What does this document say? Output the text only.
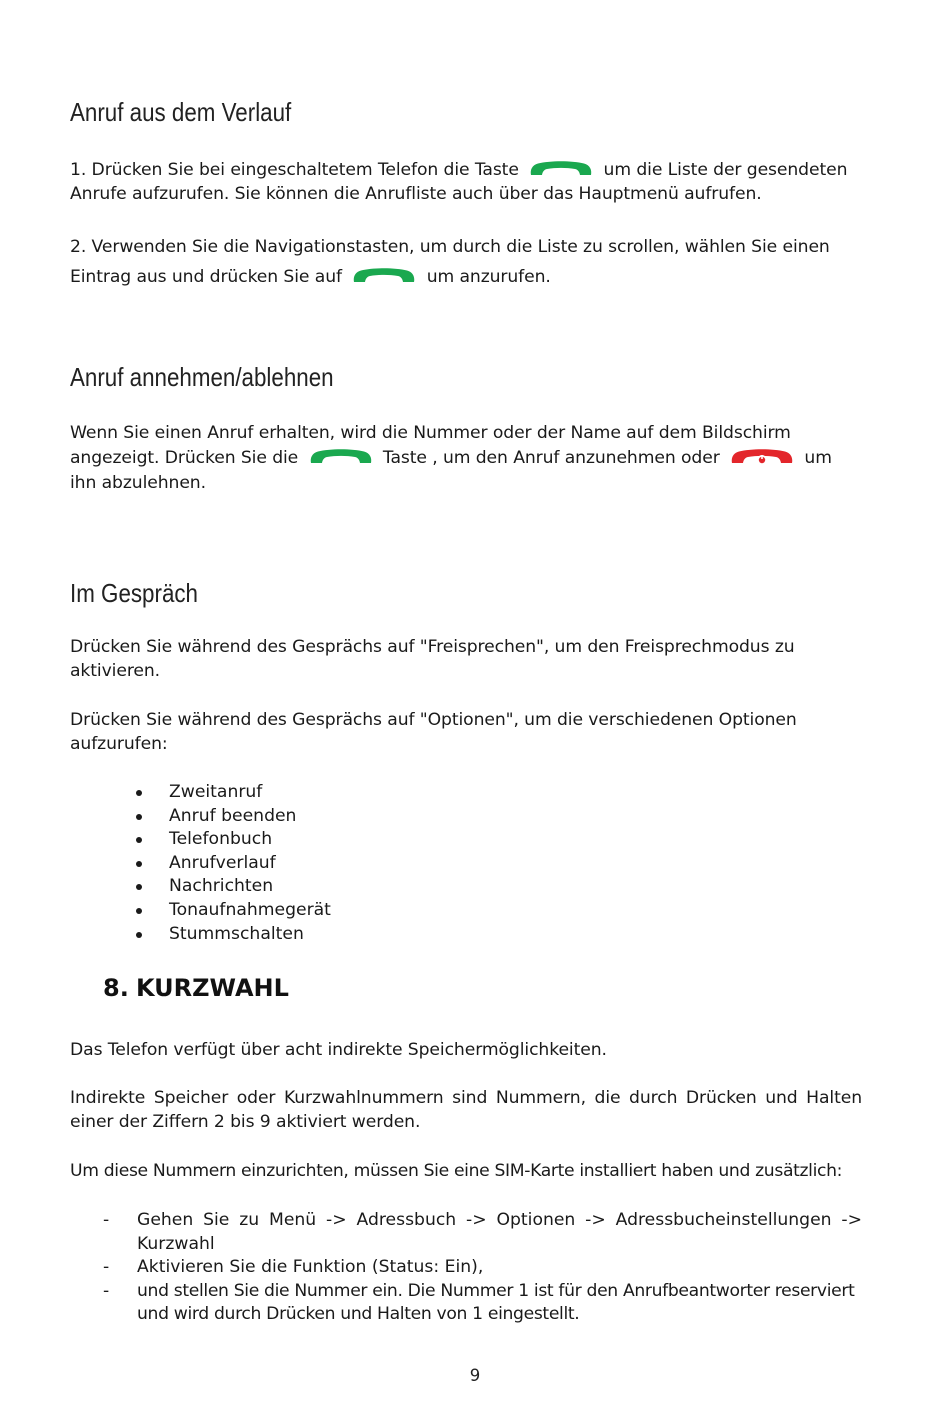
Anruf aus dem Verlauf

1. Drücken Sie bei eingeschaltetem Telefon die Taste	um die Liste der gesendeten Anrufe aufzurufen. Sie können die Anrufliste auch über das Hauptmenü aufrufen.

2. Verwenden Sie die Navigationstasten, um durch die Liste zu scrollen, wählen Sie einen Eintrag aus und drücken Sie auf	um anzurufen.

Anruf annehmen/ablehnen

Wenn Sie einen Anruf erhalten, wird die Nummer oder der Name auf dem Bildschirm angezeigt. Drücken Sie die	Taste , um den Anruf anzunehmen oder	um ihn abzulehnen.

Im Gespräch

Drücken Sie während des Gesprächs auf "Freisprechen", um den Freisprechmodus zu aktivieren.

Drücken Sie während des Gesprächs auf "Optionen", um die verschiedenen Optionen aufzurufen:

Zweitanruf
Anruf beenden
Telefonbuch
Anrufverlauf
Nachrichten
Tonaufnahmegerät
Stummschalten
8. KURZWAHL

Das Telefon verfügt über acht indirekte Speichermöglichkeiten.

Indirekte Speicher oder Kurzwahlnummern sind Nummern, die durch Drücken und Halten einer der Ziffern 2 bis 9 aktiviert werden.

Um diese Nummern einzurichten, müssen Sie eine SIM-Karte installiert haben und zusätzlich:

- Gehen Sie zu Menü -> Adressbuch -> Optionen -> Adressbucheinstellungen -> Kurzwahl
- Aktivieren Sie die Funktion (Status: Ein),
- und stellen Sie die Nummer ein. Die Nummer 1 ist für den Anrufbeantworter reserviert und wird durch Drücken und Halten von 1 eingestellt.
9
